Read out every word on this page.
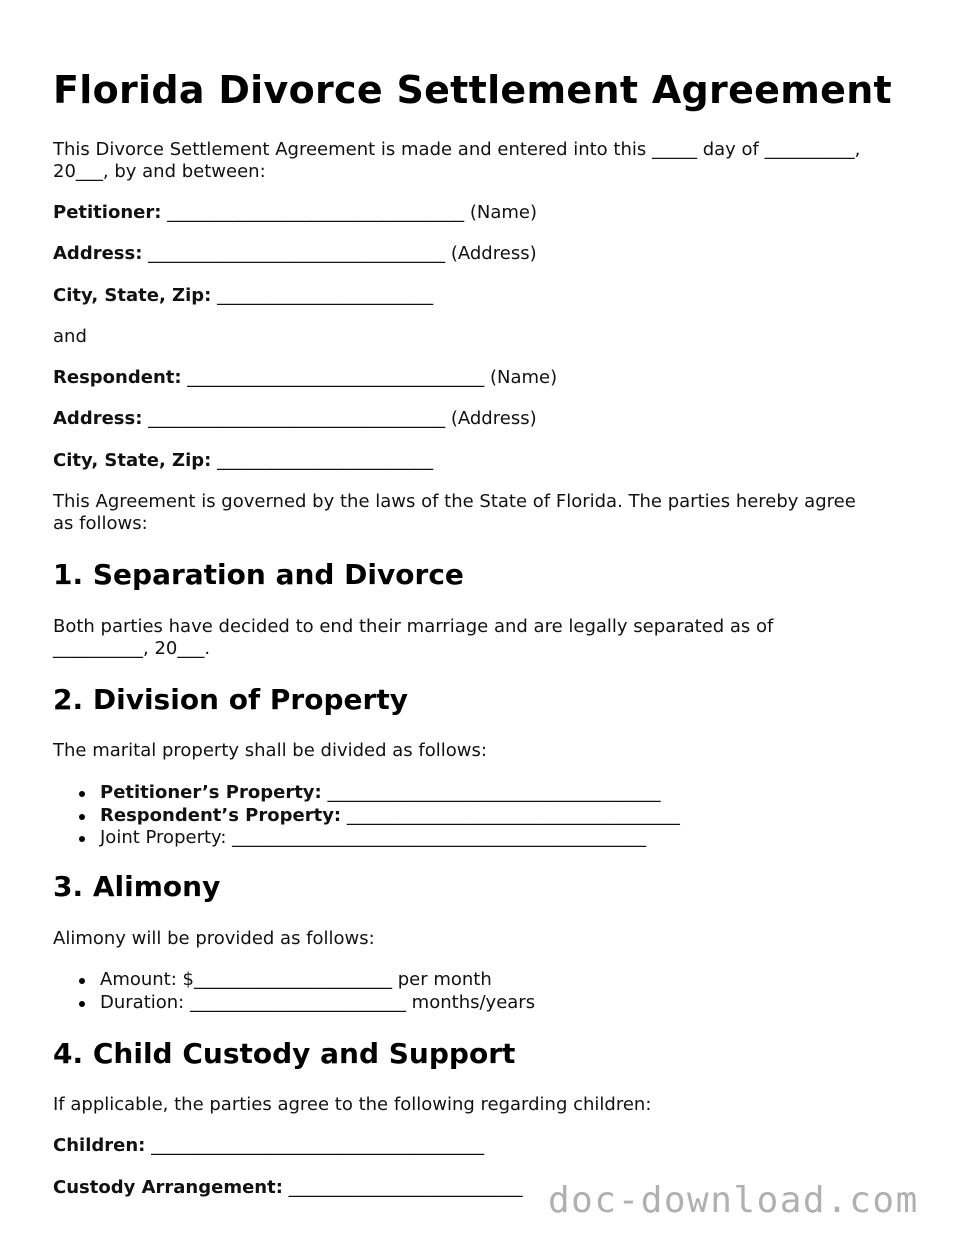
Florida Divorce Settlement Agreement
This Divorce Settlement Agreement is made and entered into this _____ day of __________,
20___, by and between:
Petitioner: _________________________________ (Name)
Address: _________________________________ (Address)
City, State, Zip: ________________________
and
Respondent: _________________________________ (Name)
Address: _________________________________ (Address)
City, State, Zip: ________________________
This Agreement is governed by the laws of the State of Florida. The parties hereby agree
as follows:
1. Separation and Divorce
Both parties have decided to end their marriage and are legally separated as of
__________, 20___.
2. Division of Property
The marital property shall be divided as follows:
Petitioner’s Property: _____________________________________
Respondent’s Property: _____________________________________
Joint Property: ______________________________________________
3. Alimony
Alimony will be provided as follows:
Amount: $______________________ per month
Duration: ________________________ months/years
4. Child Custody and Support
If applicable, the parties agree to the following regarding children:
Children: _____________________________________
Custody Arrangement: __________________________ doc-download.com
